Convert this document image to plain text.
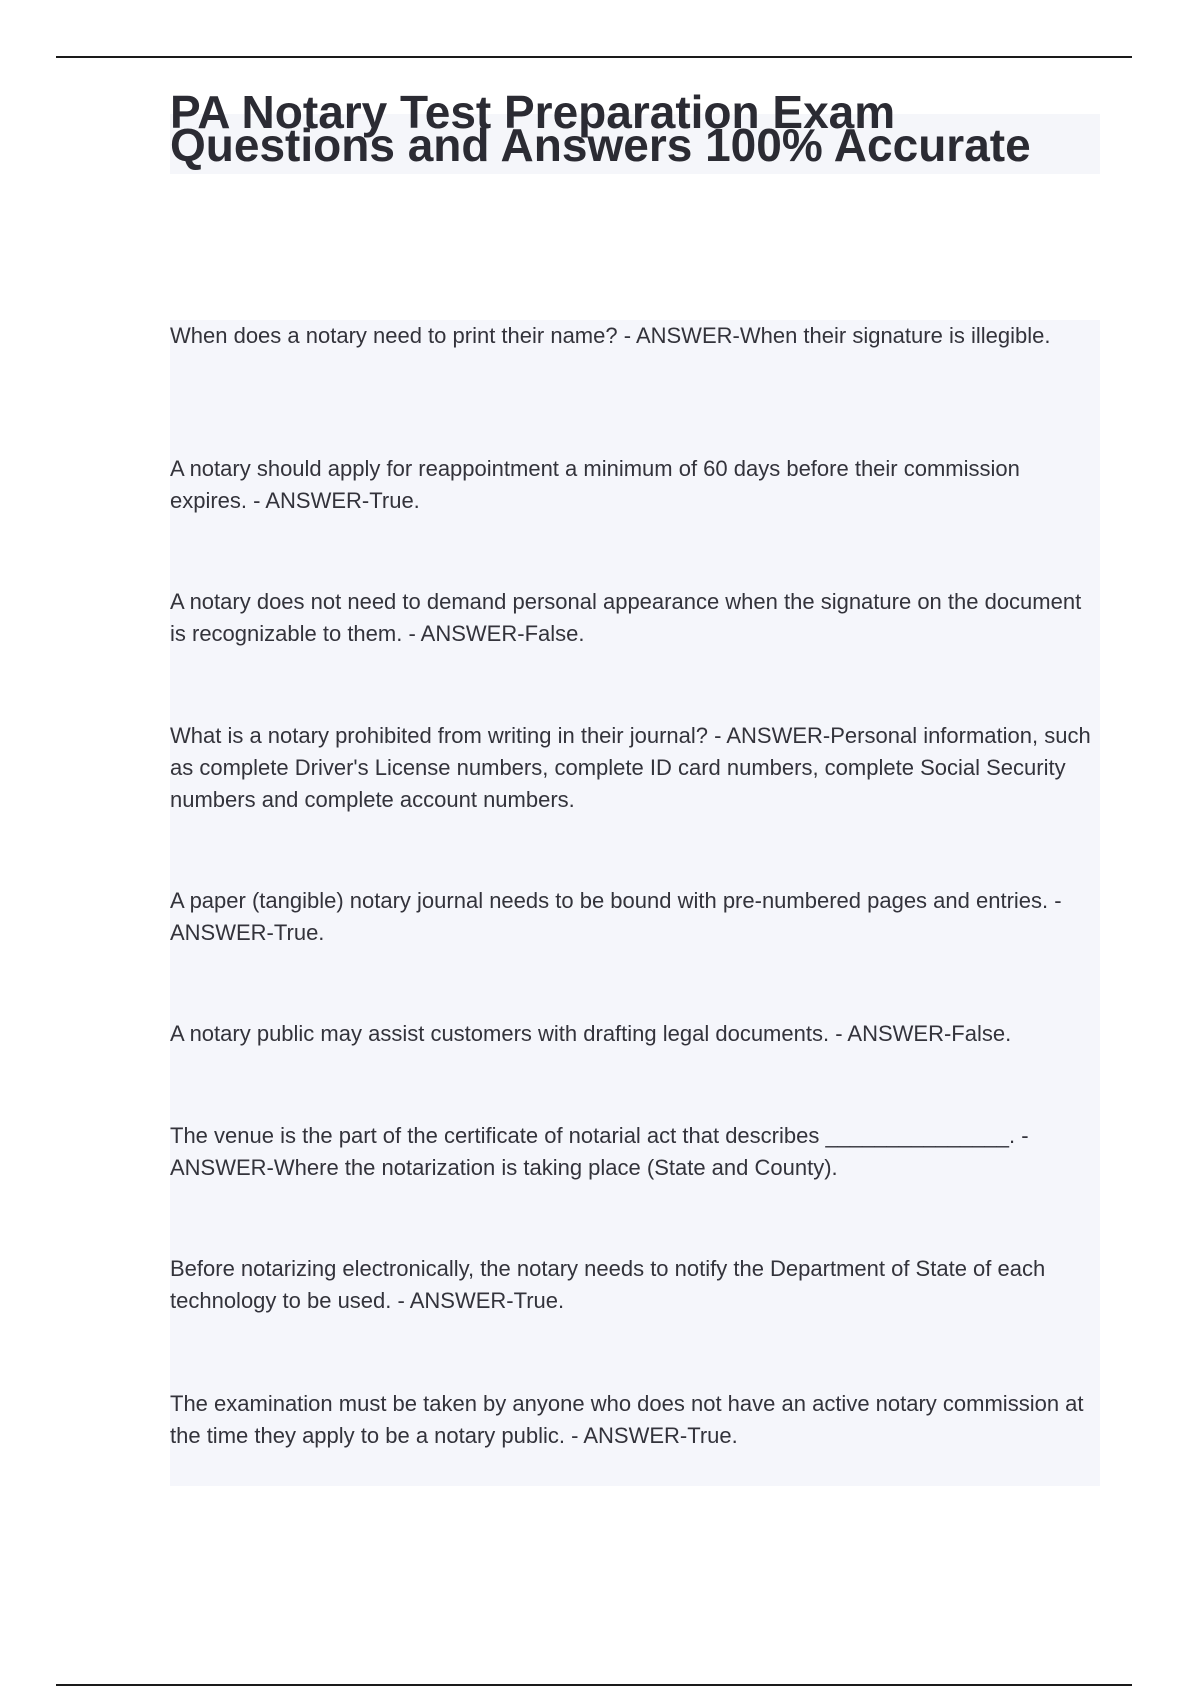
PA Notary Test Preparation Exam Questions and Answers 100% Accurate
When does a notary need to print their name? - ANSWER-When their signature is illegible.
A notary should apply for reappointment a minimum of 60 days before their commission expires. - ANSWER-True.
A notary does not need to demand personal appearance when the signature on the document is recognizable to them. - ANSWER-False.
What is a notary prohibited from writing in their journal? - ANSWER-Personal information, such as complete Driver's License numbers, complete ID card numbers, complete Social Security numbers and complete account numbers.
A paper (tangible) notary journal needs to be bound with pre-numbered pages and entries. - ANSWER-True.
A notary public may assist customers with drafting legal documents. - ANSWER-False.
The venue is the part of the certificate of notarial act that describes _______________. - ANSWER-Where the notarization is taking place (State and County).
Before notarizing electronically, the notary needs to notify the Department of State of each technology to be used. - ANSWER-True.
The examination must be taken by anyone who does not have an active notary commission at the time they apply to be a notary public. - ANSWER-True.
